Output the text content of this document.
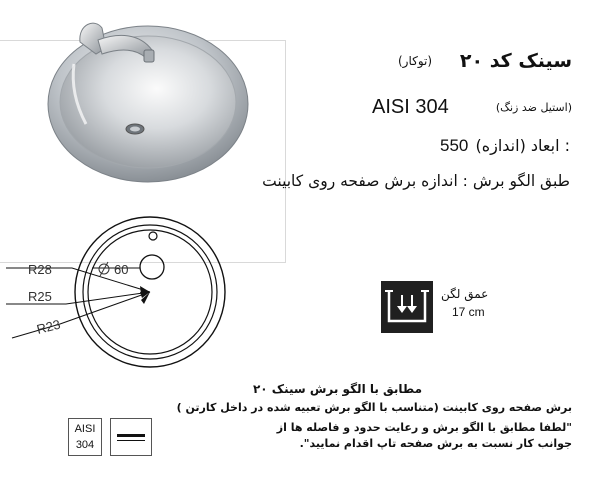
سینک کد ۲۰
(توکار)
AISI 304	(استیل ضد زنگ)
550 : ابعاد (اندازه)
طبق الگو برش : اندازه برش صفحه روی کابینت
R28
R25
R23
60
عمق لگن
17 cm
مطابق با الگو برش سینک ۲۰
برش صفحه روی کابینت (متناسب با الگو برش تعبیه شده در داخل کارتن )
"لطفا مطابق با الگو برش و رعایت حدود و فاصله ها از
جوانب کار نسبت به برش صفحه تاپ اقدام نمایید".
AISI
304
